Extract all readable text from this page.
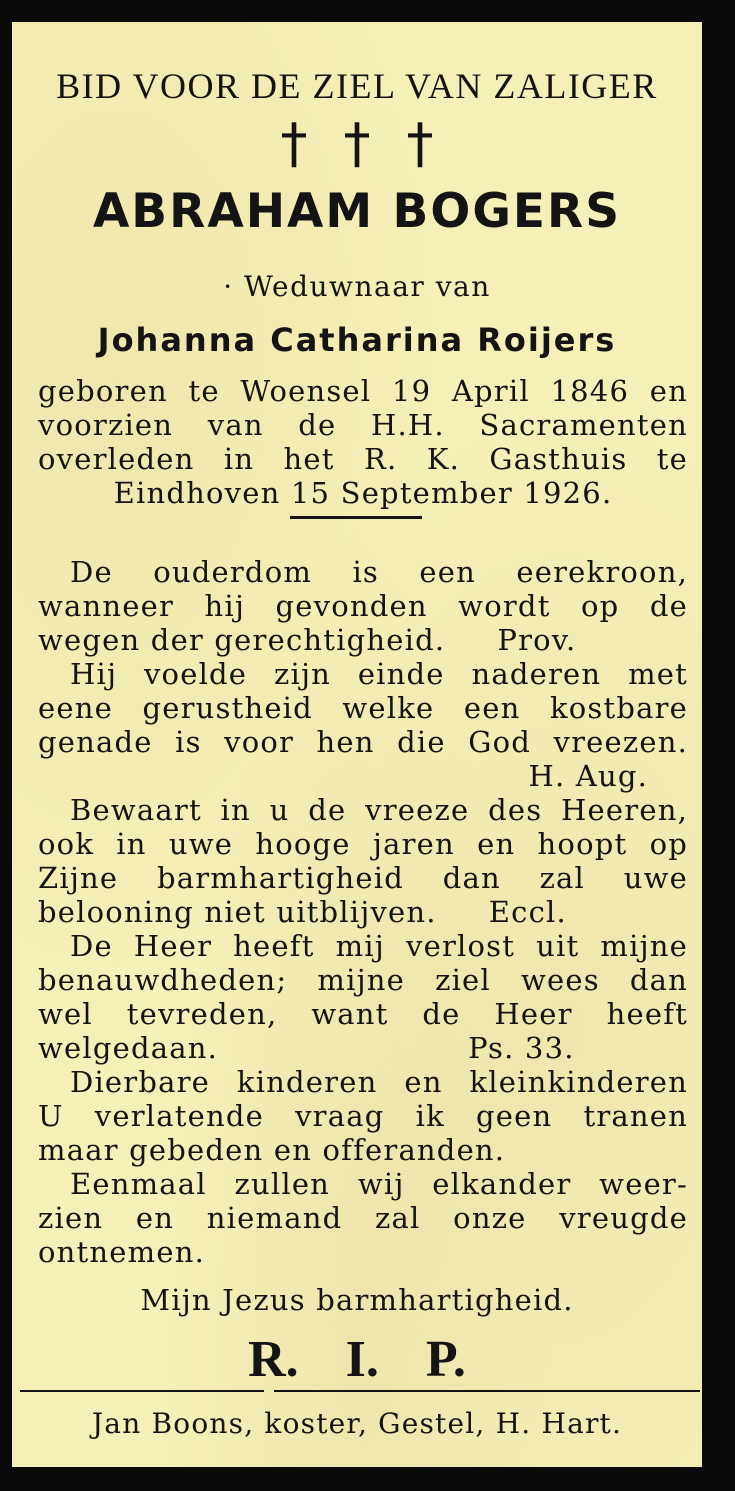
BID VOOR DE ZIEL VAN ZALIGER
† † †
ABRAHAM BOGERS
· Weduwnaar van
Johanna Catharina Roijers
geboren te Woensel 19 April 1846 en
voorzien van de H.H. Sacramenten
overleden in het R. K. Gasthuis te
Eindhoven 15 September 1926.
De ouderdom is een eerekroon,
wanneer hij gevonden wordt op de
wegen der gerechtigheid.     Prov.
Hij voelde zijn einde naderen met
eene gerustheid welke een kostbare
genade is voor hen die God vreezen.
H. Aug.
Bewaart in u de vreeze des Heeren,
ook in uwe hooge jaren en hoopt op
Zijne barmhartigheid dan zal uwe
belooning niet uitblijven.     Eccl.
De Heer heeft mij verlost uit mijne
benauwdheden; mijne ziel wees dan
wel tevreden, want de Heer heeft
welgedaan.                        Ps. 33.
Dierbare kinderen en kleinkinderen
U verlatende vraag ik geen tranen
maar gebeden en offeranden.
Eenmaal zullen wij elkander weer-
zien en niemand zal onze vreugde
ontnemen.
Mijn Jezus barmhartigheid.
R. I. P.
Jan Boons, koster, Gestel, H. Hart.
